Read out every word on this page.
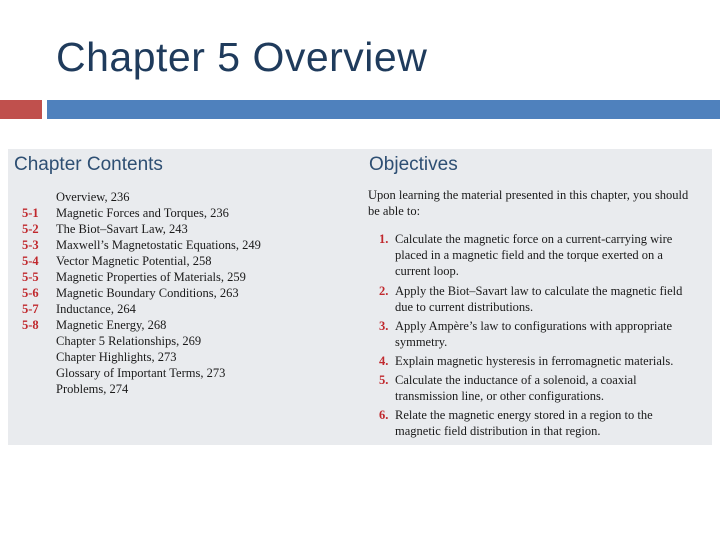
Chapter 5 Overview
Chapter Contents	Objectives
Overview, 236
5-1 Magnetic Forces and Torques, 236
5-2 The Biot–Savart Law, 243
5-3 Maxwell’s Magnetostatic Equations, 249
5-4 Vector Magnetic Potential, 258
5-5 Magnetic Properties of Materials, 259
5-6 Magnetic Boundary Conditions, 263
5-7 Inductance, 264
5-8 Magnetic Energy, 268
Chapter 5 Relationships, 269
Chapter Highlights, 273
Glossary of Important Terms, 273
Problems, 274
Upon learning the material presented in this chapter, you should be able to:
1. Calculate the magnetic force on a current-carrying wire
placed in a magnetic field and the torque exerted on a
current loop.
2. Apply the Biot–Savart law to calculate the magnetic field
due to current distributions.
3. Apply Ampère’s law to configurations with appropriate
symmetry.
4. Explain magnetic hysteresis in ferromagnetic materials.
5. Calculate the inductance of a solenoid, a coaxial
transmission line, or other configurations.
6. Relate the magnetic energy stored in a region to the
magnetic field distribution in that region.
